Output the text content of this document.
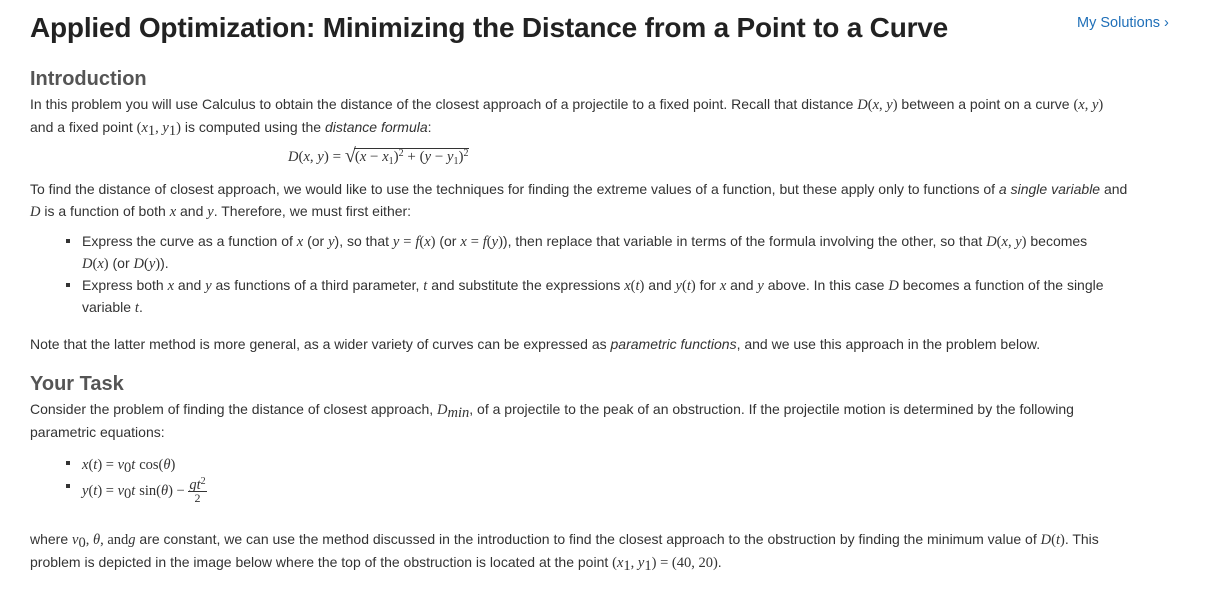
Applied Optimization: Minimizing the Distance from a Point to a Curve	My Solutions ›
Introduction

In this problem you will use Calculus to obtain the distance of the closest approach of a projectile to a fixed point. Recall that distance D(x, y) between a point on a curve (x, y)
and a fixed point ($x_1$, $y_1$) is computed using the distance formula:

D(x, y) = √ $(x - x_1)^2 + (y - y_1)^2$

To find the distance of closest approach, we would like to use the techniques for finding the extreme values of a function, but these apply only to functions of a single variable and
D is a function of both x and y. Therefore, we must first either:

Express the curve as a function of x (or y), so that y = f(x) (or x = f(y)), then replace that variable in terms of the formula involving the other, so that D(x, y) becomes
D(x) (or D(y)).
Express both x and y as functions of a third parameter, t and substitute the expressions x(t) and y(t) for x and y above. In this case D becomes a function of the single
variable t.

Note that the latter method is more general, as a wider variety of curves can be expressed as parametric functions, and we use this approach in the problem below.

Your Task

Consider the problem of finding the distance of closest approach, $D_{min}$, of a projectile to the peak of an obstruction. If the projectile motion is determined by the following
parametric equations:

$x(t) = v_0t$ cos(θ)
$y(t) = v_0t$ $\sin(\theta) - \frac{gt^2}{2}$

where $v_0$, θ, andg are constant, we can use the method discussed in the introduction to find the closest approach to the obstruction by finding the minimum value of D(t). This
problem is depicted in the image below where the top of the obstruction is located at the point ($x_1$, $y_1) = (40$, 20).
